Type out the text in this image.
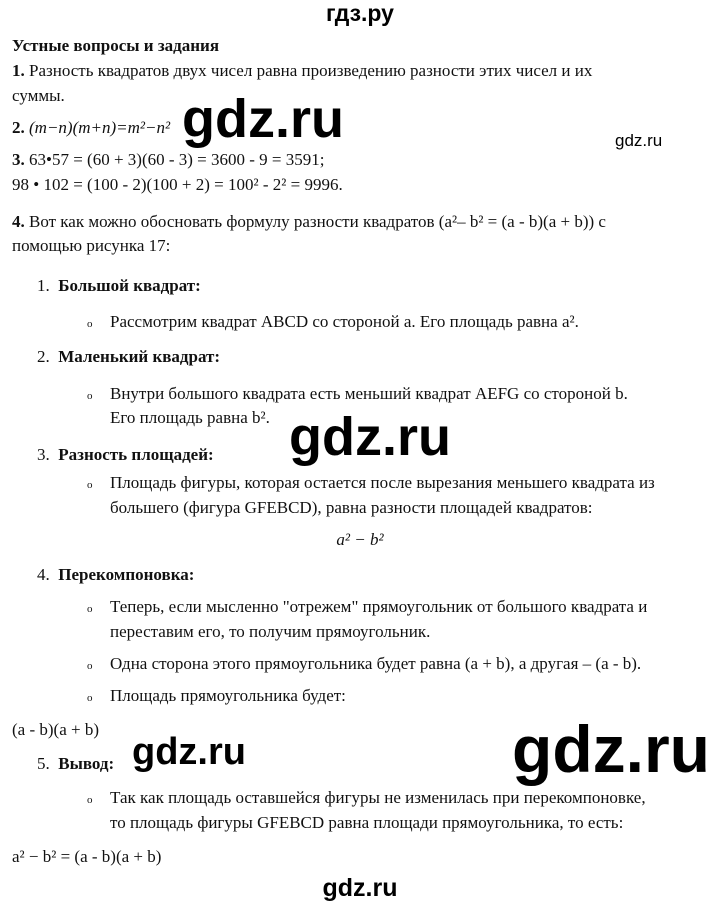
гдз.ру
Устные вопросы и задания
1. Разность квадратов двух чисел равна произведению разности этих чисел и их
суммы.
2. (m−n)(m+n)=m²−n²
3. 63•57 = (60 + 3)(60 - 3) = 3600 - 9 = 3591;
98 • 102 = (100 - 2)(100 + 2) = 100² - 2² = 9996.
4. Вот как можно обосновать формулу разности квадратов (a²– b² = (a - b)(a + b)) с
помощью рисунка 17:
1. Большой квадрат:
o Рассмотрим квадрат ABCD со стороной a. Его площадь равна a².
2. Маленький квадрат:
o Внутри большого квадрата есть меньший квадрат AEFG со стороной b.
Его площадь равна b².
3. Разность площадей:
o Площадь фигуры, которая остается после вырезания меньшего квадрата из
большего (фигура GFEBCD), равна разности площадей квадратов:
a² − b²
4. Перекомпоновка:
o Теперь, если мысленно "отрежем" прямоугольник от большого квадрата и
переставим его, то получим прямоугольник.
o Одна сторона этого прямоугольника будет равна (a + b), а другая – (a - b).
o Площадь прямоугольника будет:
(a - b)(a + b)
5. Вывод:
o Так как площадь оставшейся фигуры не изменилась при перекомпоновке,
то площадь фигуры GFEBCD равна площади прямоугольника, то есть:
a² − b² = (a - b)(a + b)
gdz.ru	gdz.ru
gdz.ru
gdz.ru	gdz.ru
gdz.ru
